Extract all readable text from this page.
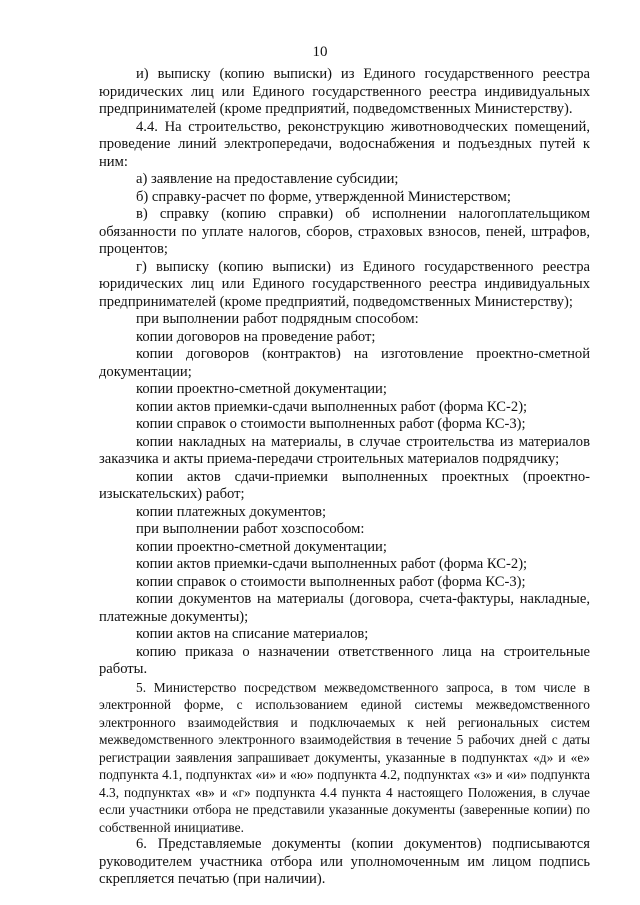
10

и) выписку (копию выписки) из Единого государственного реестра юридических лиц или Единого государственного реестра индивидуальных предпринимателей (кроме предприятий, подведомственных Министерству).

4.4. На строительство, реконструкцию животноводческих помещений, проведение линий электропередачи, водоснабжения и подъездных путей к ним:

а) заявление на предоставление субсидии;

б) справку-расчет по форме, утвержденной Министерством;

в) справку (копию справки) об исполнении налогоплательщиком обязанности по уплате налогов, сборов, страховых взносов, пеней, штрафов, процентов;

г) выписку (копию выписки) из Единого государственного реестра юридических лиц или Единого государственного реестра индивидуальных предпринимателей (кроме предприятий, подведомственных Министерству);

при выполнении работ подрядным способом:

копии договоров на проведение работ;

копии договоров (контрактов) на изготовление проектно-сметной документации;

копии проектно-сметной документации;

копии актов приемки-сдачи выполненных работ (форма КС-2);

копии справок о стоимости выполненных работ (форма КС-3);

копии накладных на материалы, в случае строительства из материалов заказчика и акты приема-передачи строительных материалов подрядчику;

копии актов сдачи-приемки выполненных проектных (проектно-изыскательских) работ;

копии платежных документов;

при выполнении работ хозспособом:

копии проектно-сметной документации;

копии актов приемки-сдачи выполненных работ (форма КС-2);

копии справок о стоимости выполненных работ (форма КС-3);

копии документов на материалы (договора, счета-фактуры, накладные, платежные документы);

копии актов на списание материалов;

копию приказа о назначении ответственного лица на строительные работы.

5. Министерство посредством межведомственного запроса, в том числе в электронной форме, с использованием единой системы межведомственного электронного взаимодействия и подключаемых к ней региональных систем межведомственного электронного взаимодействия в течение 5 рабочих дней с даты регистрации заявления запрашивает документы, указанные в подпунктах «д» и «е» подпункта 4.1, подпунктах «и» и «ю» подпункта 4.2, подпунктах «з» и «и» подпункта 4.3, подпунктах «в» и «г» подпункта 4.4 пункта 4 настоящего Положения, в случае если участники отбора не представили указанные документы (заверенные копии) по собственной инициативе.

6. Представляемые документы (копии документов) подписываются руководителем участника отбора или уполномоченным им лицом подпись скрепляется печатью (при наличии).
